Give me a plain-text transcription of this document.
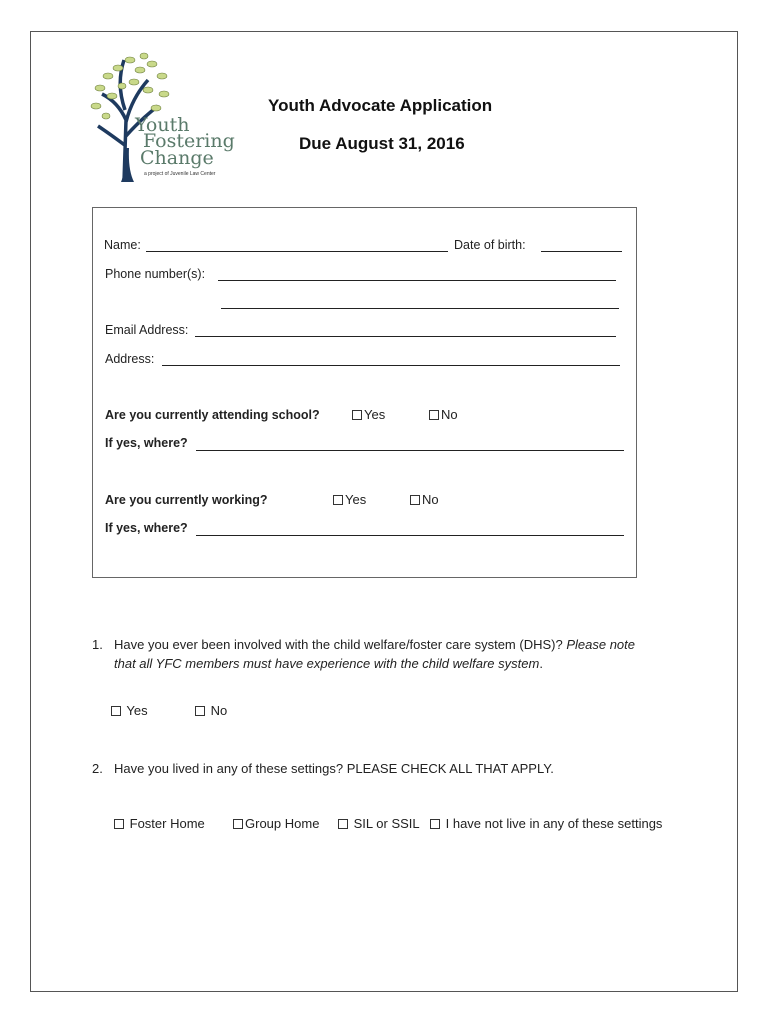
Youth
Fostering
Change
a project of Juvenile Law Center
Youth Advocate Application
Due August 31, 2016
Name:	Date of birth:
Phone number(s):
Email Address:
Address:
Are you currently attending school?	Yes	No
If yes, where?
Are you currently working?	Yes	No
If yes, where?
1. Have you ever been involved with the child welfare/foster care system (DHS)? Please note
that all YFC members must have experience with the child welfare system.
Yes	No
2. Have you lived in any of these settings? PLEASE CHECK ALL THAT APPLY.
Foster Home	Group Home	SIL or SSIL	I have not live in any of these settings
